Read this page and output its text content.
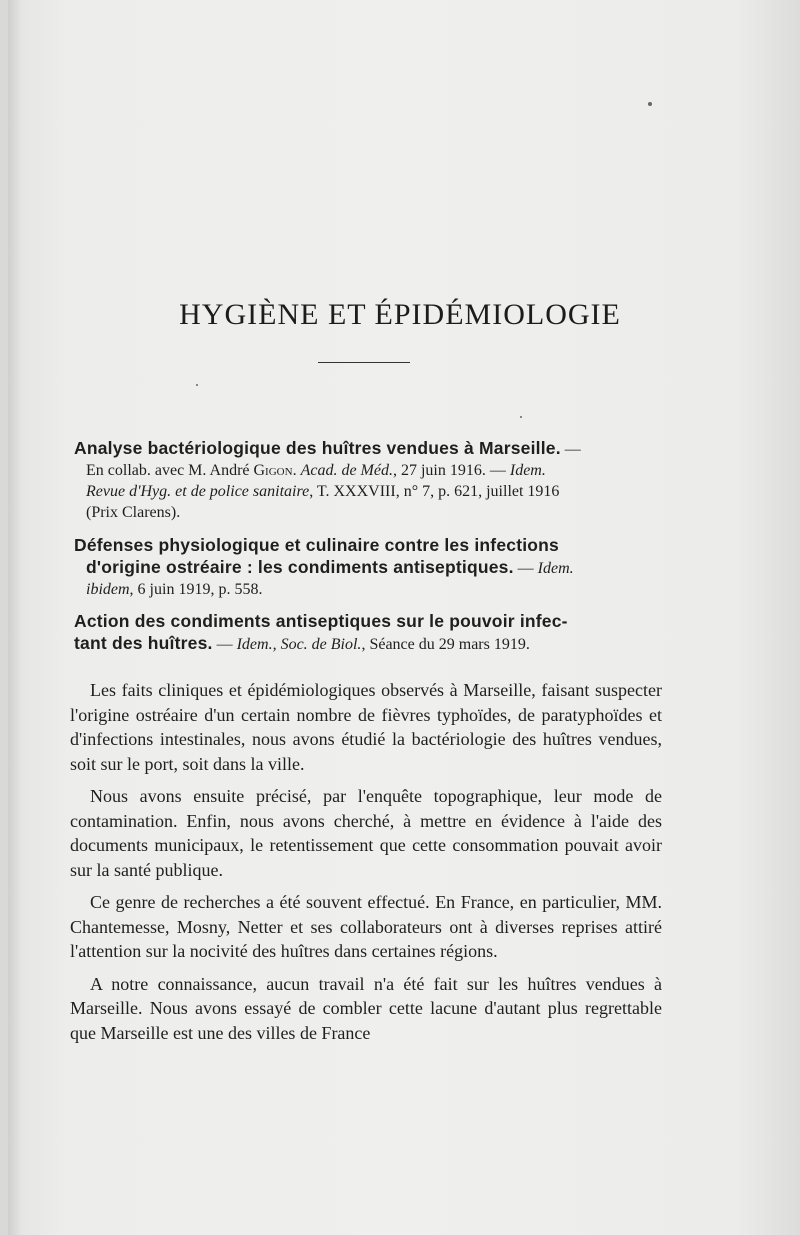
HYGIÈNE ET ÉPIDÉMIOLOGIE
Analyse bactériologique des huîtres vendues à Marseille. —
En collab. avec M. André Gigon. Acad. de Méd., 27 juin 1916. — Idem.
Revue d'Hyg. et de police sanitaire, T. XXXVIII, n° 7, p. 621, juillet 1916
(Prix Clarens).
Défenses physiologique et culinaire contre les infections
d'origine ostréaire : les condiments antiseptiques. — Idem.
ibidem, 6 juin 1919, p. 558.
Action des condiments antiseptiques sur le pouvoir infec-
tant des huîtres. — Idem., Soc. de Biol., Séance du 29 mars 1919.

Les faits cliniques et épidémiologiques observés à Marseille, faisant suspecter l'origine ostréaire d'un certain nombre de fièvres typhoïdes, de paratyphoïdes et d'infections intestinales, nous avons étudié la bactériologie des huîtres vendues, soit sur le port, soit dans la ville.

Nous avons ensuite précisé, par l'enquête topographique, leur mode de contamination. Enfin, nous avons cherché, à mettre en évidence à l'aide des documents municipaux, le retentissement que cette consommation pouvait avoir sur la santé publique.

Ce genre de recherches a été souvent effectué. En France, en particulier, MM. Chantemesse, Mosny, Netter et ses collaborateurs ont à diverses reprises attiré l'attention sur la nocivité des huîtres dans certaines régions.

A notre connaissance, aucun travail n'a été fait sur les huîtres vendues à Marseille. Nous avons essayé de combler cette lacune d'autant plus regrettable que Marseille est une des villes de France
